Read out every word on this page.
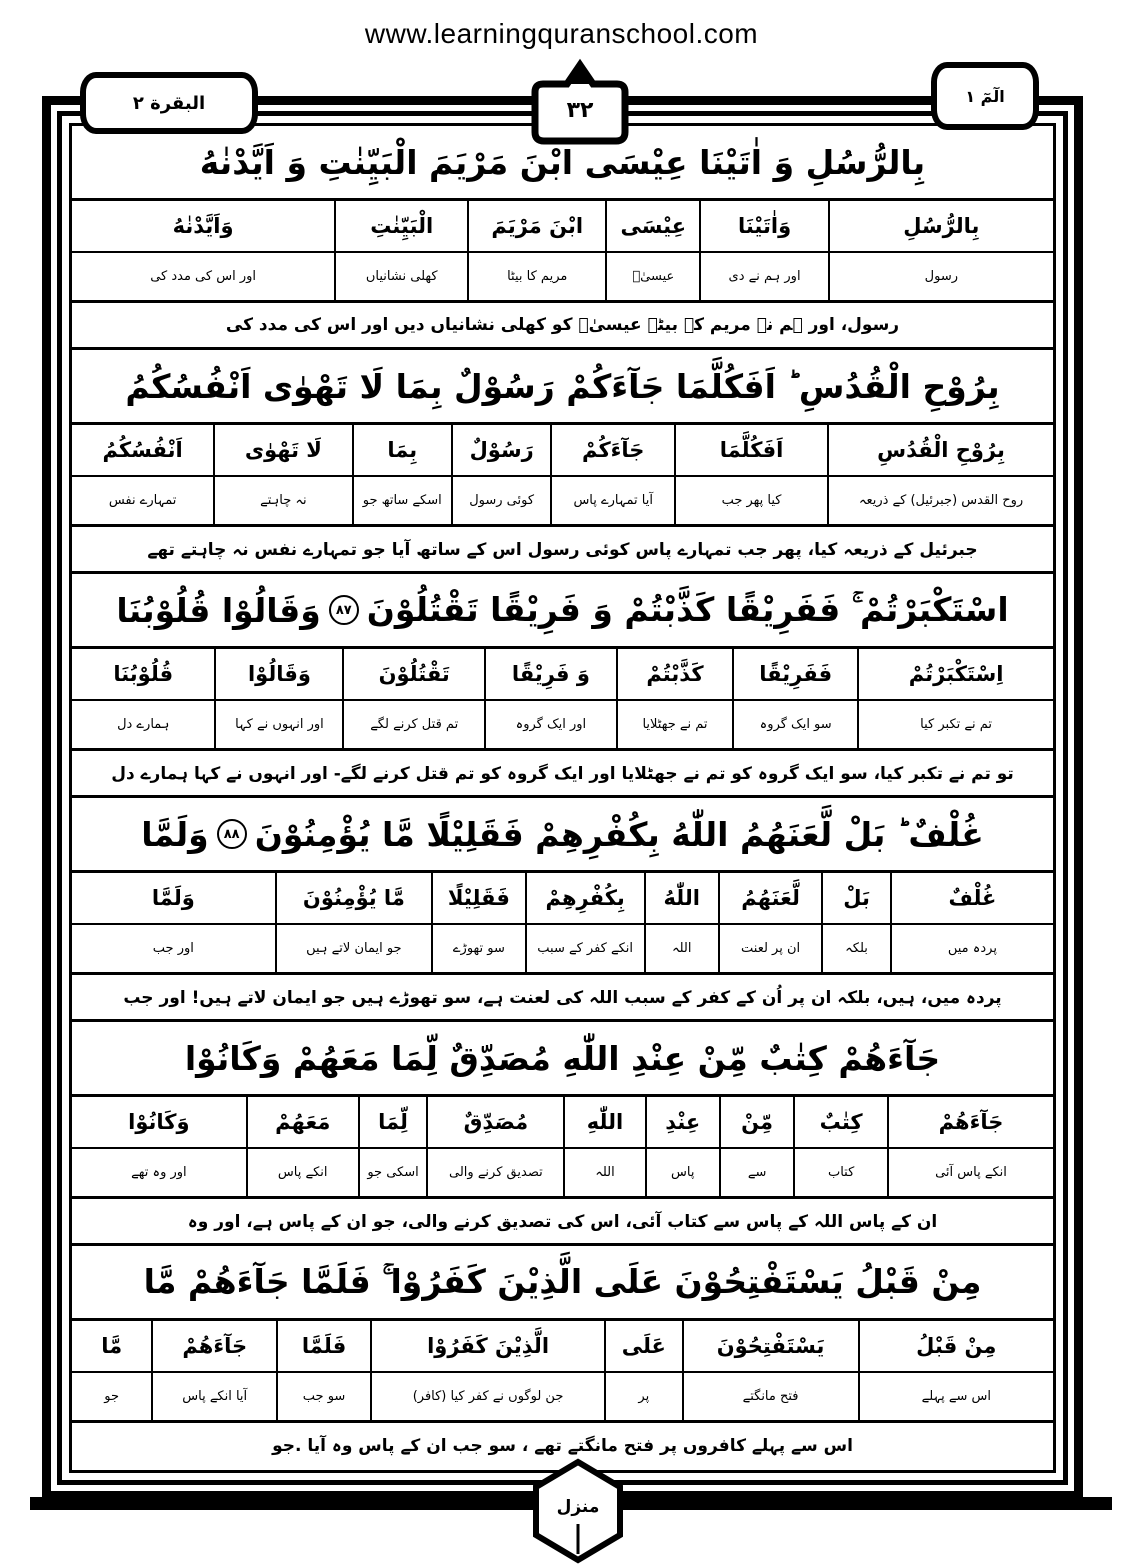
www.learningquranschool.com
البقرة ۲	۳۲
الٓمٓ ۱
بِالرُّسُلِ وَ اٰتَيْنَا عِيْسَى ابْنَ مَرْيَمَ الْبَيِّنٰتِ وَ اَيَّدْنٰهُ
بِالرُّسُلِ
رسول
وَاٰتَيْنَا
اور ہم نے دی
عِيْسَى
عیسیٰؑ
ابْنَ مَرْيَمَ
مریم کا بیٹا
الْبَيِّنٰتِ
کھلی نشانیاں
وَاَيَّدْنٰهُ
اور اس کی مدد کی
رسول، اور ہم نے مریم کے بیٹے عیسیٰؑ کو کھلی نشانیاں دیں اور اس کی مدد کی
بِرُوْحِ الْقُدُسِ ؕ اَفَكُلَّمَا جَآءَكُمْ رَسُوْلٌ بِمَا لَا تَهْوٰى اَنْفُسُكُمُ
بِرُوْحِ الْقُدُسِ
روح القدس (جبرئیل) کے ذریعہ
اَفَكُلَّمَا
کیا پھر جب
جَآءَكُمْ
آیا تمہارے پاس
رَسُوْلٌ
کوئی رسول
بِمَا
اسکے ساتھ جو
لَا تَهْوٰى
نہ چاہتے
اَنْفُسُكُمُ
تمہارے نفس
جبرئیل کے ذریعہ کیا، پھر جب تمہارے پاس کوئی رسول اس کے ساتھ آیا جو تمہارے نفس نہ چاہتے تھے
اسْتَكْبَرْتُمْ ۚ فَفَرِيْقًا كَذَّبْتُمْ وَ فَرِيْقًا تَقْتُلُوْنَ
۸۷
وَقَالُوْا قُلُوْبُنَا
اِسْتَكْبَرْتُمْ
تم نے تکبر کیا
فَفَرِيْقًا
سو ایک گروہ
كَذَّبْتُمْ
تم نے جھٹلایا
وَ فَرِيْقًا
اور ایک گروہ
تَقْتُلُوْنَ
تم قتل کرنے لگے
وَقَالُوْا
اور انہوں نے کہا
قُلُوْبُنَا
ہمارے دل
تو تم نے تکبر کیا، سو ایک گروہ کو تم نے جھٹلایا اور ایک گروہ کو تم قتل کرنے لگے- اور انہوں نے کہا ہمارے دل
غُلْفٌ ؕ بَلْ لَّعَنَهُمُ اللّٰهُ بِكُفْرِهِمْ فَقَلِيْلًا مَّا يُؤْمِنُوْنَ
۸۸
وَلَمَّا
غُلْفٌ
پردہ میں
بَلْ
بلکہ
لَّعَنَهُمُ
ان پر لعنت
اللّٰهُ
اللہ
بِكُفْرِهِمْ
انکے کفر کے سبب
فَقَلِيْلًا
سو تھوڑے
مَّا يُؤْمِنُوْنَ
جو ایمان لاتے ہیں
وَلَمَّا
اور جب
پردہ میں، ہیں، بلکہ ان پر اُن کے کفر کے سبب اللہ کی لعنت ہے، سو تھوڑے ہیں جو ایمان لاتے ہیں! اور جب
جَآءَهُمْ كِتٰبٌ مِّنْ عِنْدِ اللّٰهِ مُصَدِّقٌ لِّمَا مَعَهُمْ وَكَانُوْا
جَآءَهُمْ
انکے پاس آئی
كِتٰبٌ
کتاب
مِّنْ
سے
عِنْدِ
پاس
اللّٰهِ
اللہ
مُصَدِّقٌ
تصدیق کرنے والی
لِّمَا
اسکی جو
مَعَهُمْ
انکے پاس
وَكَانُوْا
اور وہ تھے
ان کے پاس اللہ کے پاس سے کتاب آئی، اس کی تصدیق کرنے والی، جو ان کے پاس ہے، اور وہ
مِنْ قَبْلُ يَسْتَفْتِحُوْنَ عَلَى الَّذِيْنَ كَفَرُوْا ۚ فَلَمَّا جَآءَهُمْ مَّا
مِنْ قَبْلُ
اس سے پہلے
يَسْتَفْتِحُوْنَ
فتح مانگتے
عَلَى
پر
الَّذِيْنَ كَفَرُوْا
جن لوگوں نے کفر کیا (کافر)
فَلَمَّا
سو جب
جَآءَهُمْ
آیا انکے پاس
مَّا
جو
اس سے پہلے کافروں پر فتح مانگتے تھے ، سو جب ان کے پاس وہ آیا .جو
منزل
